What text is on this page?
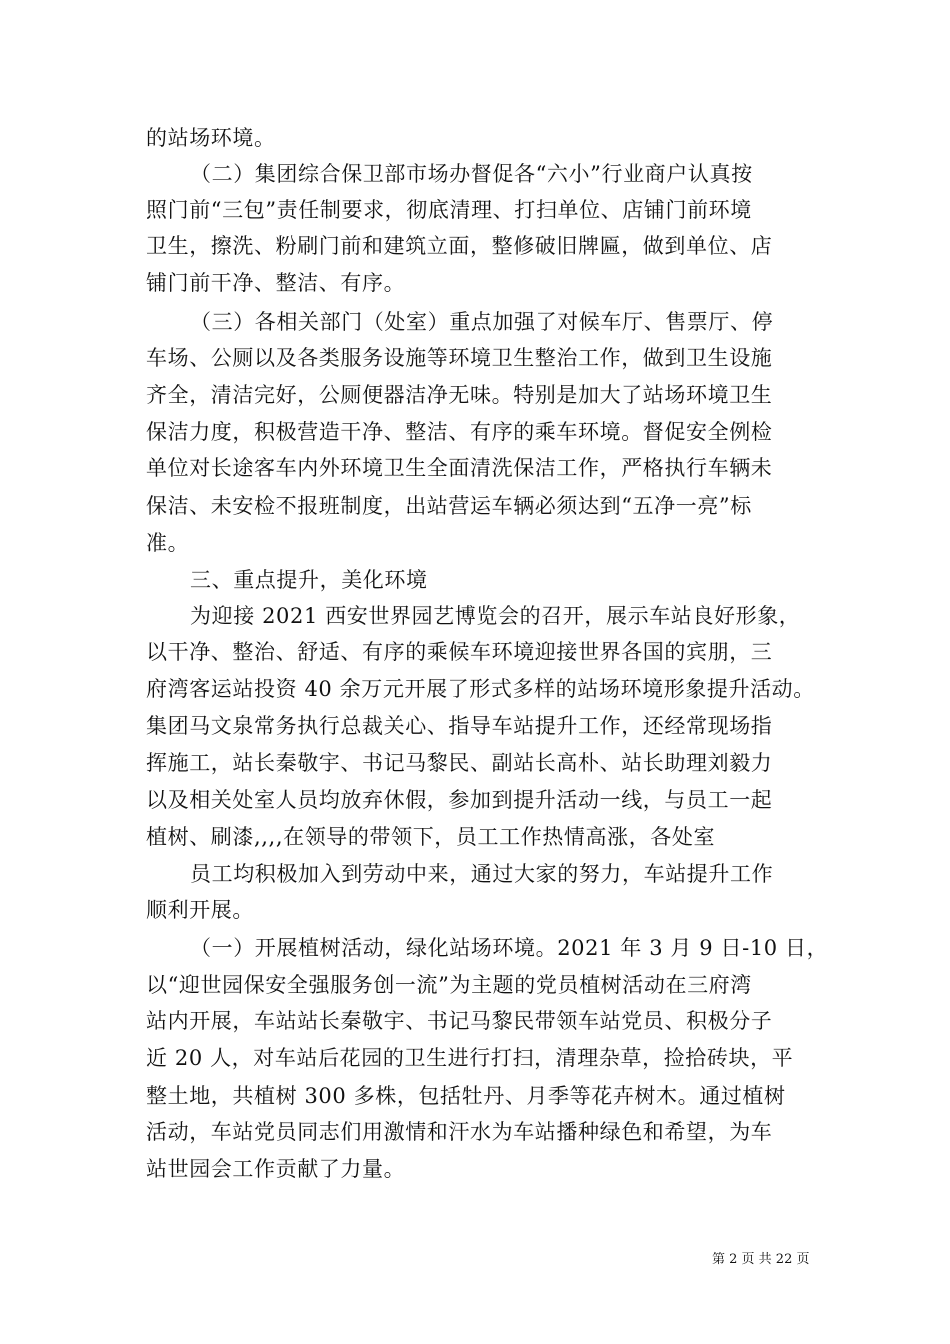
的站场环境。
（二）集团综合保卫部市场办督促各“六小”行业商户认真按
照门前“三包”责任制要求，彻底清理、打扫单位、店铺门前环境
卫生，擦洗、粉刷门前和建筑立面，整修破旧牌匾，做到单位、店
铺门前干净、整洁、有序。
（三）各相关部门（处室）重点加强了对候车厅、售票厅、停
车场、公厕以及各类服务设施等环境卫生整治工作，做到卫生设施
齐全，清洁完好，公厕便器洁净无味。特别是加大了站场环境卫生
保洁力度，积极营造干净、整洁、有序的乘车环境。督促安全例检
单位对长途客车内外环境卫生全面清洗保洁工作，严格执行车辆未
保洁、未安检不报班制度，出站营运车辆必须达到“五净一亮”标
准。
三、重点提升，美化环境
为迎接 2021 西安世界园艺博览会的召开，展示车站良好形象，
以干净、整治、舒适、有序的乘候车环境迎接世界各国的宾朋，三
府湾客运站投资 40 余万元开展了形式多样的站场环境形象提升活动。
集团马文泉常务执行总裁关心、指导车站提升工作，还经常现场指
挥施工，站长秦敬宇、书记马黎民、副站长高朴、站长助理刘毅力
以及相关处室人员均放弃休假，参加到提升活动一线，与员工一起
植树、刷漆,,,,在领导的带领下，员工工作热情高涨，各处室
员工均积极加入到劳动中来，通过大家的努力，车站提升工作
顺利开展。
（一）开展植树活动，绿化站场环境。2021 年 3 月 9 日-10 日，
以“迎世园保安全强服务创一流”为主题的党员植树活动在三府湾
站内开展，车站站长秦敬宇、书记马黎民带领车站党员、积极分子
近 20 人，对车站后花园的卫生进行打扫，清理杂草，捡拾砖块，平
整土地，共植树 300 多株，包括牡丹、月季等花卉树木。通过植树
活动，车站党员同志们用激情和汗水为车站播种绿色和希望，为车
站世园会工作贡献了力量。
第 2 页 共 22 页
